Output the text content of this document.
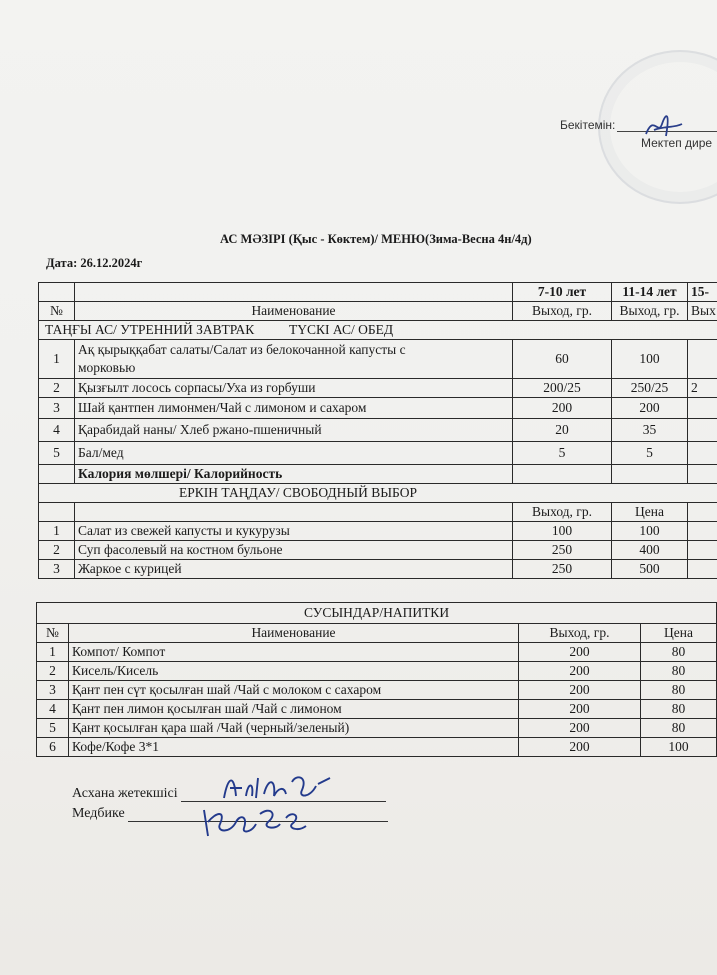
Бекітемін:
Мектеп дире
АС МӘЗІРІ (Қыс - Көктем)/ МЕНЮ(Зима-Весна 4н/4д)
Дата: 26.12.2024г
		7-10 лет	11-14 лет	15-
№	Наименование	Выход, гр.	Выход, гр.	Вых
ТАҢҒЫ АС/ УТРЕННИЙ ЗАВТРАК ТҮСКІ АС/ ОБЕД				
1	Ақ қырыққабат салаты/Салат из белокочанной капусты с
морковью	60	100	
2	Қызғылт лосось сорпасы/Уха из горбуши	200/25	250/25	2
3	Шай қантпен лимонмен/Чай с лимоном и сахаром	200	200	
4	Қарабидай наны/ Хлеб ржано-пшеничный	20	35	
5	Бал/мед	5	5	
	Калория мөлшері/ Калорийность			
ЕРКІН ТАҢДАУ/ СВОБОДНЫЙ ВЫБОР				
		Выход, гр.	Цена	
1	Салат из свежей капусты и кукурузы	100	100	
2	Суп фасолевый на костном бульоне	250	400	
3	Жаркое с курицей	250	500	
СУСЫНДАР/НАПИТКИ				
№	Наименование	Выход, гр.	Цена	
1	Компот/ Компот	200	80	
2	Кисель/Кисель	200	80	
3	Қант пен сүт қосылған шай /Чай с молоком с сахаром	200	80	
4	Қант пен лимон қосылған шай /Чай с лимоном	200	80	
5	Қант қосылған қара шай /Чай (черный/зеленый)	200	80	
6	Кофе/Кофе 3*1	200	100	
Асхана жетекшісі
Медбике
